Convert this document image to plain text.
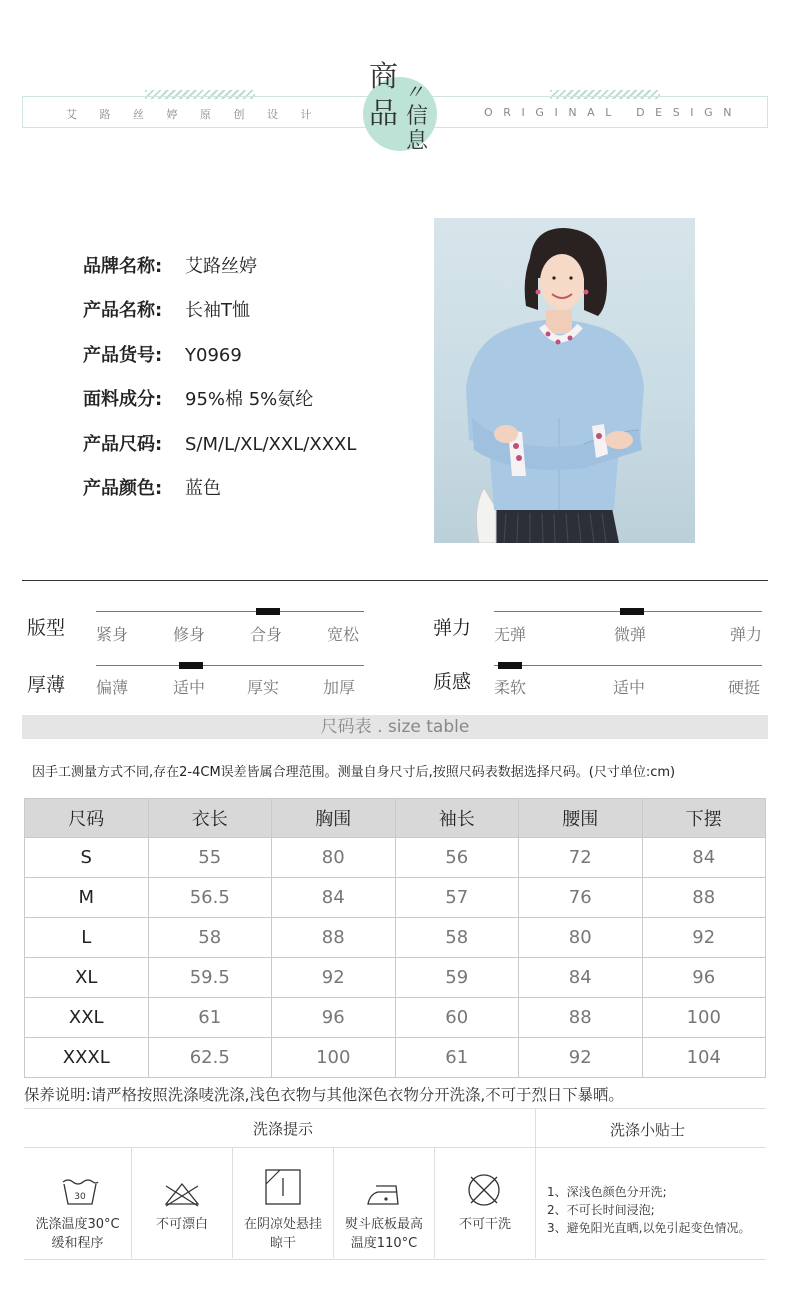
艾路丝婷原创设计	ORIGINAL DESIGN
商
品 信
息
〃
品牌名称: 艾路丝婷
产品名称: 长袖T恤
产品货号: Y0969
面料成分: 95%棉 5%氨纶
产品尺码: S/M/L/XL/XXL/XXXL
产品颜色: 蓝色
版型 紧身	修身	合身	宽松	弹力 无弹	微弹	弹力
厚薄 偏薄	适中	厚实	加厚	质感 柔软	适中	硬挺
尺码表 . size table
因手工测量方式不同,存在2-4CM误差皆属合理范围。测量自身尺寸后,按照尺码表数据选择尺码。(尺寸单位:cm)
尺码	衣长	胸围	袖长	腰围	下摆
S	55	80	56	72	84
M	56.5	84	57	76	88
L	58	88	58	80	92
XL	59.5	92	59	84	96
XXL	61	96	60	88	100
XXXL	62.5	100	61	92	104
保养说明:请严格按照洗涤唛洗涤,浅色衣物与其他深色衣物分开洗涤,不可于烈日下暴晒。
洗涤提示	洗涤小贴士
30
洗涤温度30°C
缓和程序
不可漂白	在阴凉处悬挂
晾干
熨斗底板最高
温度110°C
不可干洗
1、深浅色颜色分开洗;
2、不可长时间浸泡;
3、避免阳光直晒,以免引起变色情况。
